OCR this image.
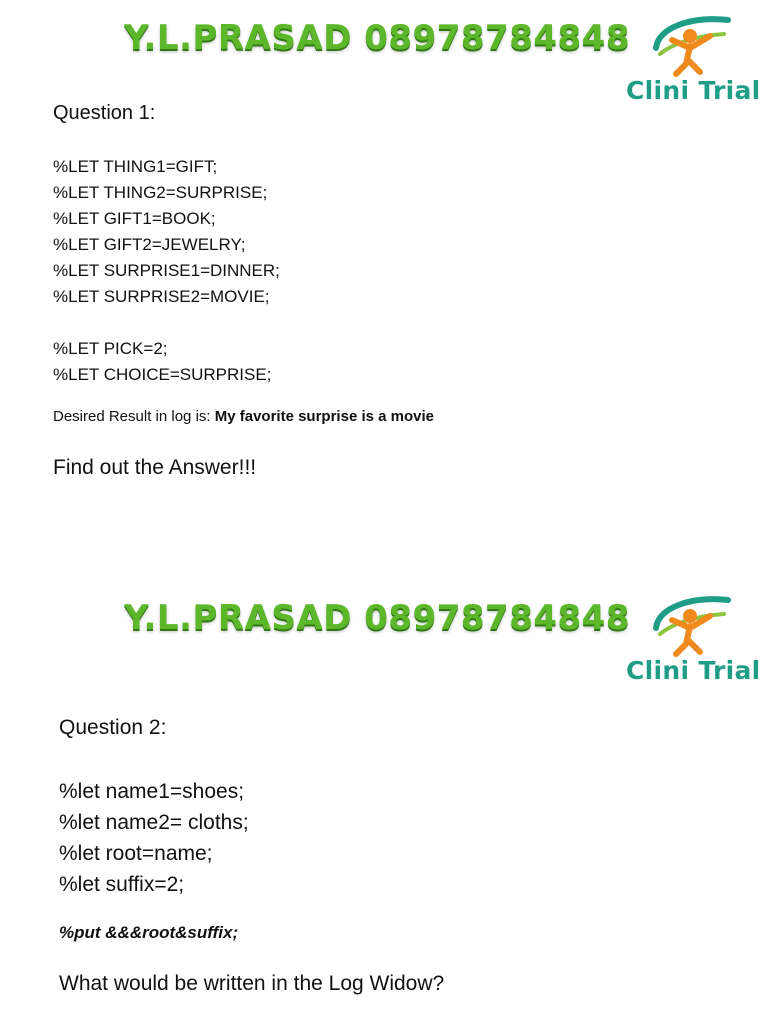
Y.L.PRASAD 08978784848
Clini Trial
Question 1:
%LET THING1=GIFT;
%LET THING2=SURPRISE;
%LET GIFT1=BOOK;
%LET GIFT2=JEWELRY;
%LET SURPRISE1=DINNER;
%LET SURPRISE2=MOVIE;
%LET PICK=2;
%LET CHOICE=SURPRISE;
Desired Result in log is: My favorite surprise is a movie
Find out the Answer!!!
Y.L.PRASAD 08978784848
Clini Trial
Question 2:
%let name1=shoes;
%let name2= cloths;
%let root=name;
%let suffix=2;
%put &&&root&suffix;
What would be written in the Log Widow?
